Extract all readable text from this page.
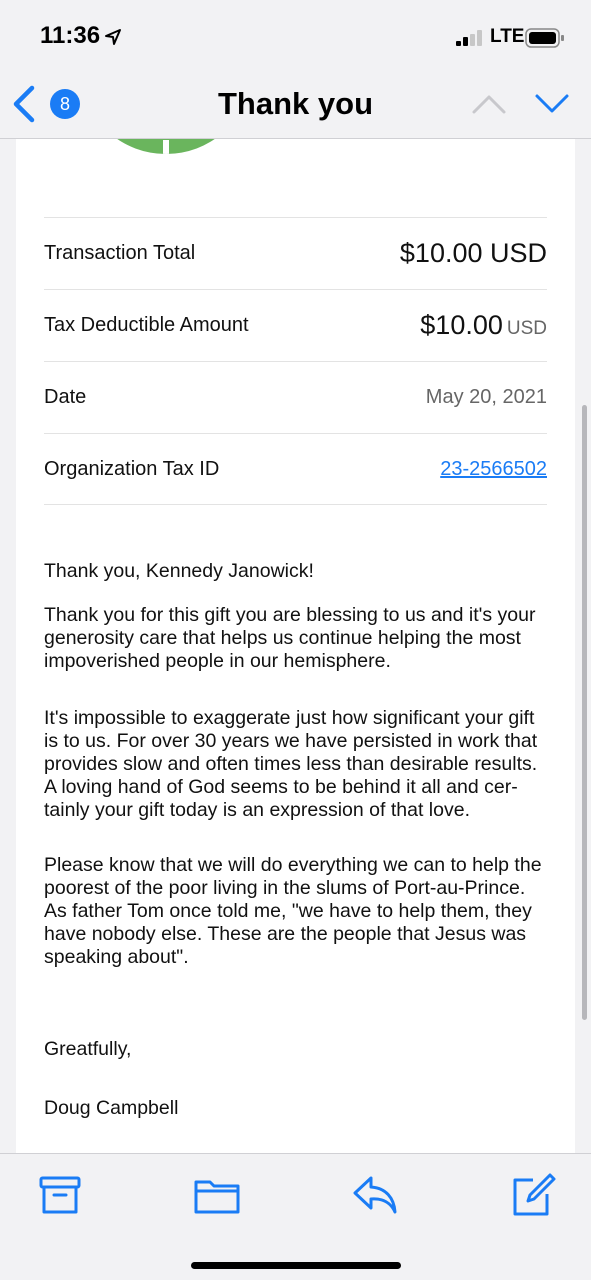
11:36	LTE
8	Thank you
Transaction Total	$10.00 USD
Tax Deductible Amount	$10.00 USD
Date	May 20, 2021
Organization Tax ID	23-2566502
Thank you, Kennedy Janowick!
Thank you for this gift you are blessing to us and it's your generosity care that helps us continue helping the most impoverished people in our hemisphere.
It's impossible to exaggerate just how significant your gift is to us. For over 30 years we have persisted in work that provides slow and often times less than desirable results. A loving hand of God seems to be behind it all and cer-tainly your gift today is an expression of that love.
Please know that we will do everything we can to help the poorest of the poor living in the slums of Port-au-Prince. As father Tom once told me, "we have to help them, they have nobody else. These are the people that Jesus was speaking about".
Greatfully,
Doug Campbell
